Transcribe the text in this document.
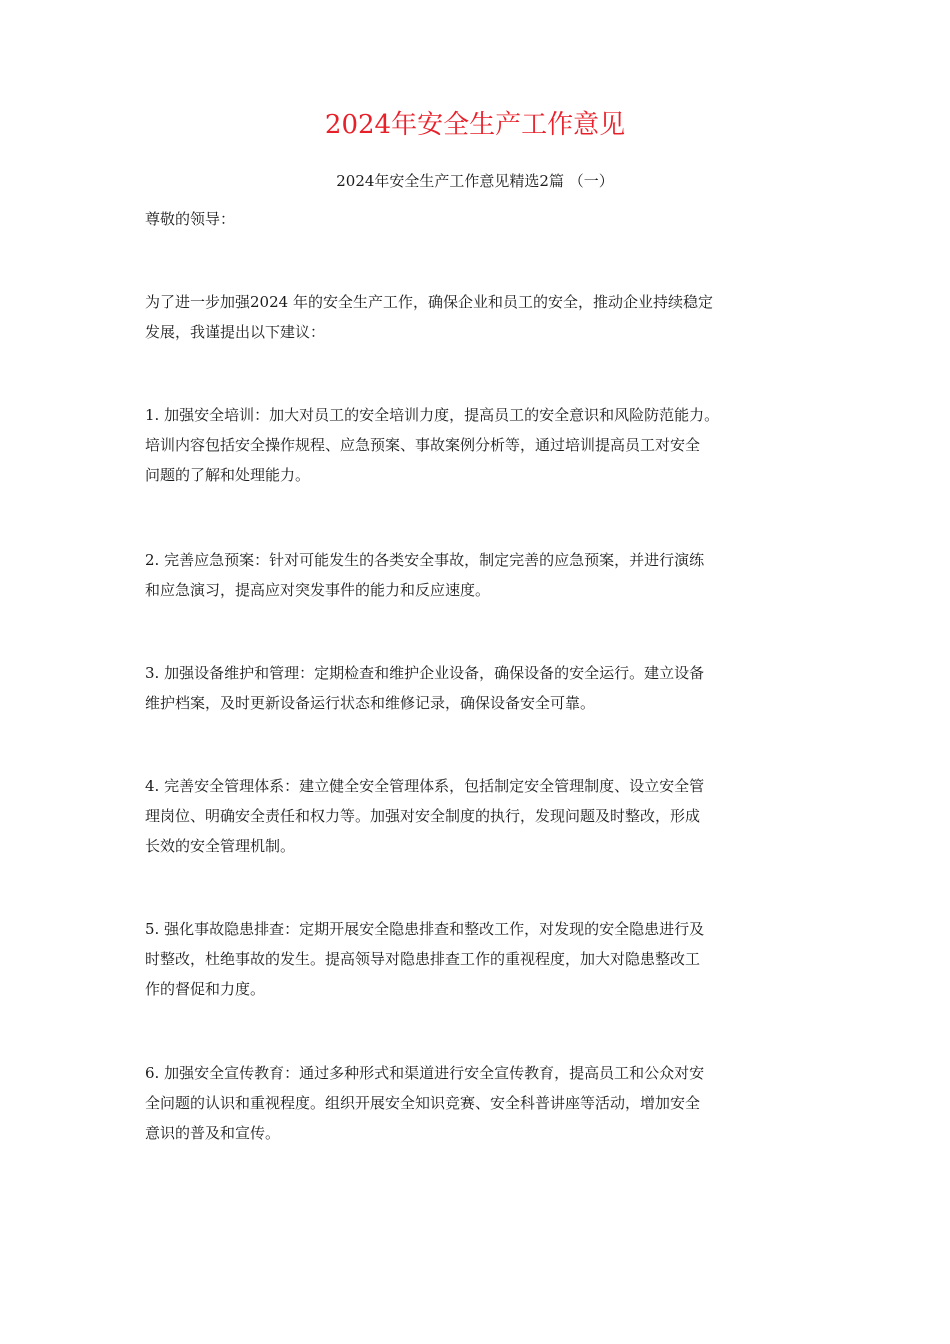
2024年安全生产工作意见
2024年安全生产工作意见精选2篇 （一）

尊敬的领导：

为了进一步加强2024 年的安全生产工作，确保企业和员工的安全，推动企业持续稳定
发展，我谨提出以下建议：

1. 加强安全培训：加大对员工的安全培训力度，提高员工的安全意识和风险防范能力。
培训内容包括安全操作规程、应急预案、事故案例分析等，通过培训提高员工对安全
问题的了解和处理能力。

2. 完善应急预案：针对可能发生的各类安全事故，制定完善的应急预案，并进行演练
和应急演习，提高应对突发事件的能力和反应速度。

3. 加强设备维护和管理：定期检查和维护企业设备，确保设备的安全运行。建立设备
维护档案，及时更新设备运行状态和维修记录，确保设备安全可靠。

4. 完善安全管理体系：建立健全安全管理体系，包括制定安全管理制度、设立安全管
理岗位、明确安全责任和权力等。加强对安全制度的执行，发现问题及时整改，形成
长效的安全管理机制。

5. 强化事故隐患排查：定期开展安全隐患排查和整改工作，对发现的安全隐患进行及
时整改，杜绝事故的发生。提高领导对隐患排查工作的重视程度，加大对隐患整改工
作的督促和力度。

6. 加强安全宣传教育：通过多种形式和渠道进行安全宣传教育，提高员工和公众对安
全问题的认识和重视程度。组织开展安全知识竞赛、安全科普讲座等活动，增加安全
意识的普及和宣传。
